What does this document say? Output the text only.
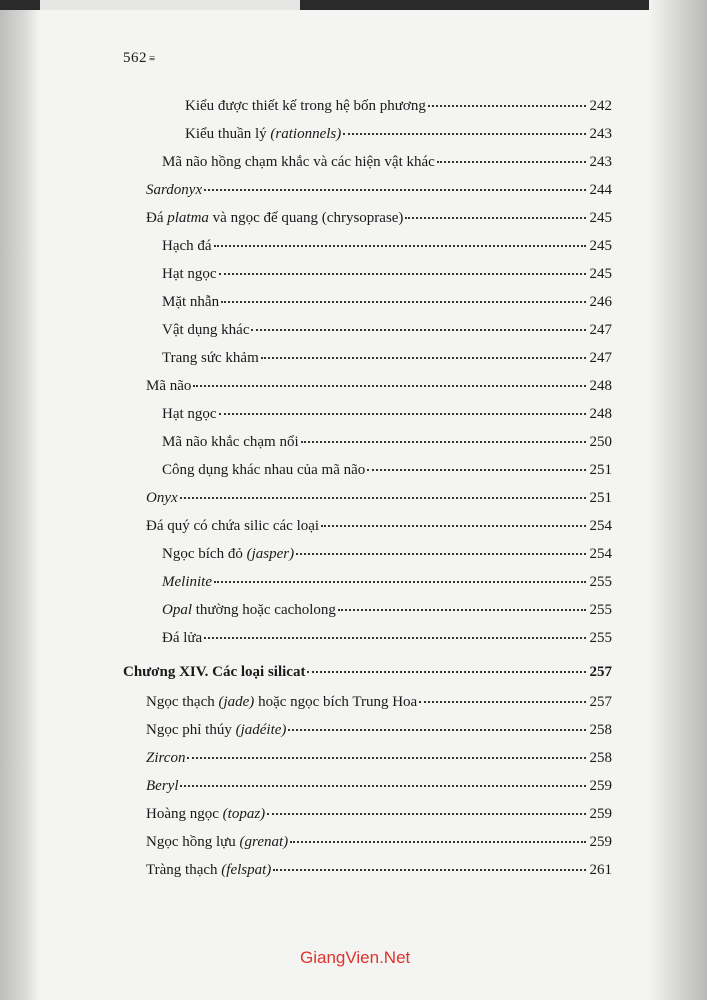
562 ≡
Kiểu được thiết kế trong hệ bốn phương	242
Kiểu thuần lý (rationnels)	243
Mã não hồng chạm khắc và các hiện vật khác	243
Sardonyx	244
Đá platma và ngọc đế quang (chrysoprase)	245
Hạch đá	245
Hạt ngọc	245
Mặt nhẫn	246
Vật dụng khác	247
Trang sức khảm	247
Mã não	248
Hạt ngọc	248
Mã não khắc chạm nổi	250
Công dụng khác nhau của mã não	251
Onyx	251
Đá quý có chứa silic các loại	254
Ngọc bích đỏ (jasper)	254
Melinite	255
Opal thường hoặc cacholong	255
Đá lửa	255
Chương XIV. Các loại silicat	257
Ngọc thạch (jade) hoặc ngọc bích Trung Hoa	257
Ngọc phỉ thúy (jadéite)	258
Zircon	258
Beryl	259
Hoàng ngọc (topaz)	259
Ngọc hồng lựu (grenat)	259
Tràng thạch (felspat)	261
GiangVien.Net
